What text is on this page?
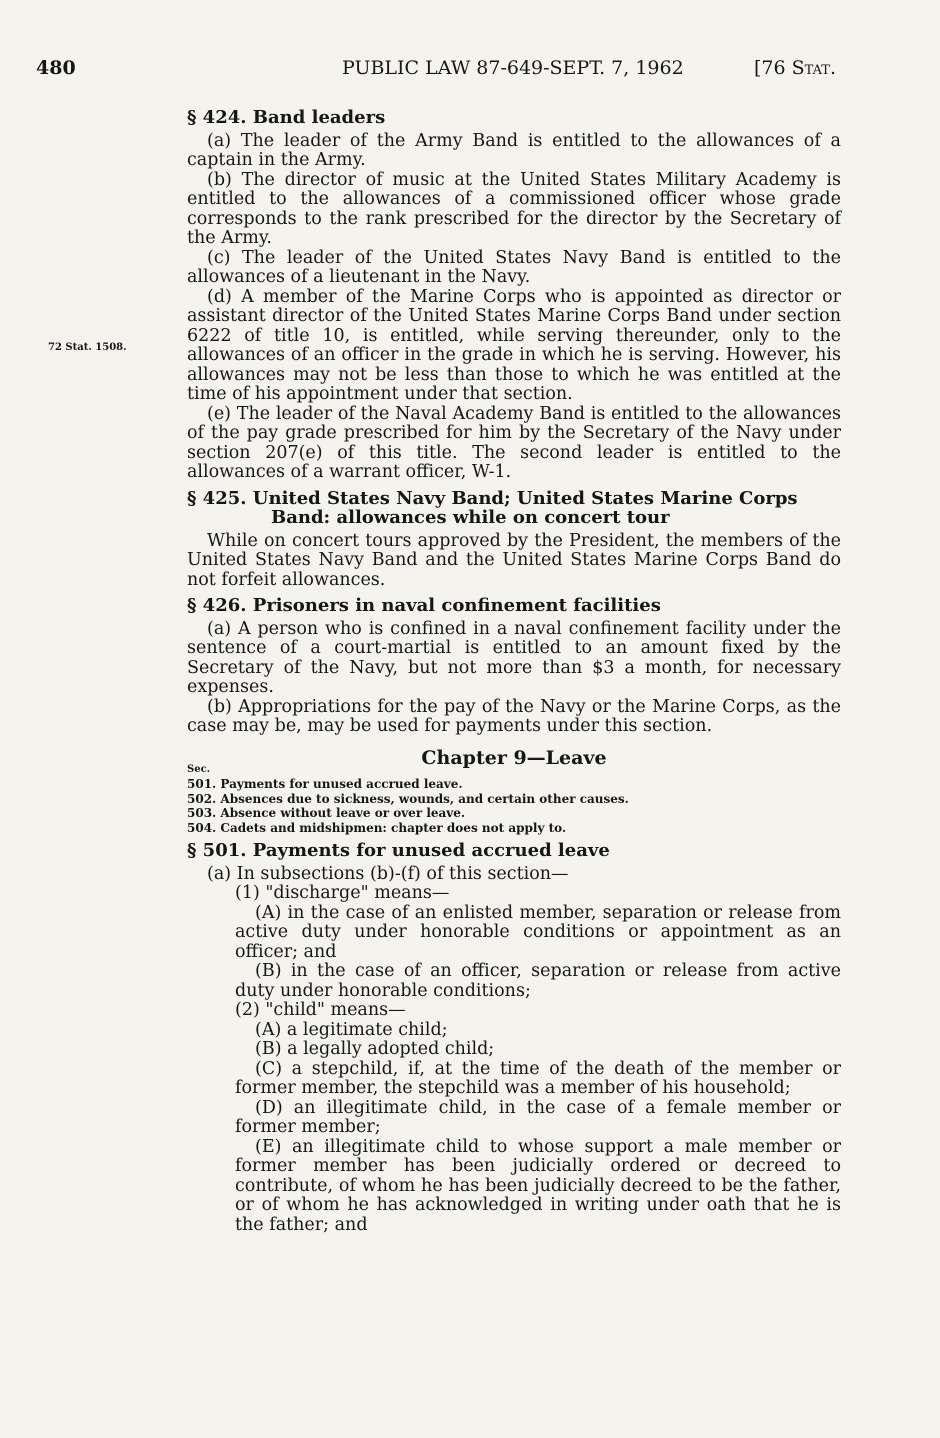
480	PUBLIC LAW 87-649-SEPT. 7, 1962	[76 Stat.
72 Stat. 1508.
§ 424. Band leaders

(a) The leader of the Army Band is entitled to the allowances of a captain in the Army.

(b) The director of music at the United States Military Academy is entitled to the allowances of a commissioned officer whose grade corresponds to the rank prescribed for the director by the Secretary of the Army.

(c) The leader of the United States Navy Band is entitled to the allowances of a lieutenant in the Navy.

(d) A member of the Marine Corps who is appointed as director or assistant director of the United States Marine Corps Band under section 6222 of title 10, is entitled, while serving thereunder, only to the allowances of an officer in the grade in which he is serving. However, his allowances may not be less than those to which he was entitled at the time of his appointment under that section.

(e) The leader of the Naval Academy Band is entitled to the allowances of the pay grade prescribed for him by the Secretary of the Navy under section 207(e) of this title. The second leader is entitled to the allowances of a warrant officer, W-1.

§ 425. United States Navy Band; United States Marine Corps Band: allowances while on concert tour

While on concert tours approved by the President, the members of the United States Navy Band and the United States Marine Corps Band do not forfeit allowances.

§ 426. Prisoners in naval confinement facilities

(a) A person who is confined in a naval confinement facility under the sentence of a court-martial is entitled to an amount fixed by the Secretary of the Navy, but not more than $3 a month, for necessary expenses.

(b) Appropriations for the pay of the Navy or the Marine Corps, as the case may be, may be used for payments under this section.

Chapter 9—Leave
Sec.
501. Payments for unused accrued leave.
502. Absences due to sickness, wounds, and certain other causes.
503. Absence without leave or over leave.
504. Cadets and midshipmen: chapter does not apply to.
§ 501. Payments for unused accrued leave

(a) In subsections (b)-(f) of this section—

(1) "discharge" means—

(A) in the case of an enlisted member, separation or release from active duty under honorable conditions or appointment as an officer; and

(B) in the case of an officer, separation or release from active duty under honorable conditions;

(2) "child" means—

(A) a legitimate child;

(B) a legally adopted child;

(C) a stepchild, if, at the time of the death of the member or former member, the stepchild was a member of his household;

(D) an illegitimate child, in the case of a female member or former member;

(E) an illegitimate child to whose support a male member or former member has been judicially ordered or decreed to contribute, of whom he has been judicially decreed to be the father, or of whom he has acknowledged in writing under oath that he is the father; and
